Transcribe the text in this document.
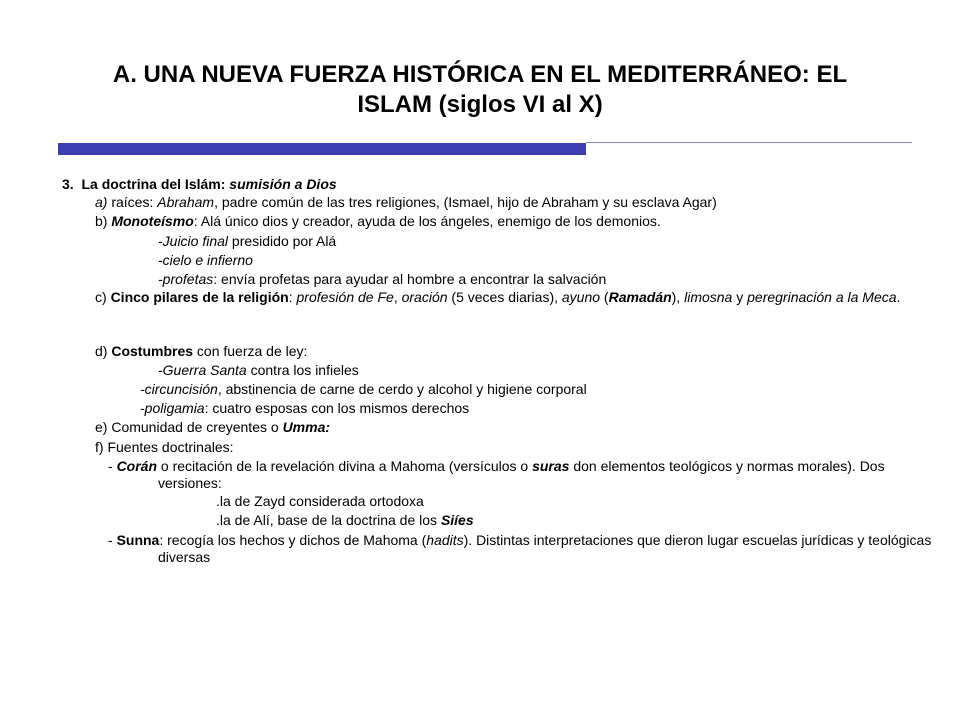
A. UNA NUEVA FUERZA HISTÓRICA EN EL MEDITERRÁNEO: EL
ISLAM (siglos VI al X)
3. La doctrina del Islám: sumisión a Dios
a) raíces: Abraham, padre común de las tres religiones, (Ismael, hijo de Abraham y su esclava Agar)
b) Monoteísmo: Alá único dios y creador, ayuda de los ángeles, enemigo de los demonios.
-Juicio final presidido por Alá
-cielo e infierno
-profetas: envía profetas para ayudar al hombre a encontrar la salvación
c) Cinco pilares de la religión: profesión de Fe, oración (5 veces diarias), ayuno (Ramadán), limosna y peregrinación a la Meca.
d) Costumbres con fuerza de ley:
-Guerra Santa contra los infieles
-circuncisión, abstinencia de carne de cerdo y alcohol y higiene corporal
-poligamia: cuatro esposas con los mismos derechos
e) Comunidad de creyentes o Umma:
f) Fuentes doctrinales:
- Corán o recitación de la revelación divina a Mahoma (versículos o suras don elementos teológicos y normas morales). Dos versiones:
.la de Zayd considerada ortodoxa
.la de Alí, base de la doctrina de los Siíes
- Sunna: recogía los hechos y dichos de Mahoma (hadits). Distintas interpretaciones que dieron lugar escuelas jurídicas y teológicas diversas
